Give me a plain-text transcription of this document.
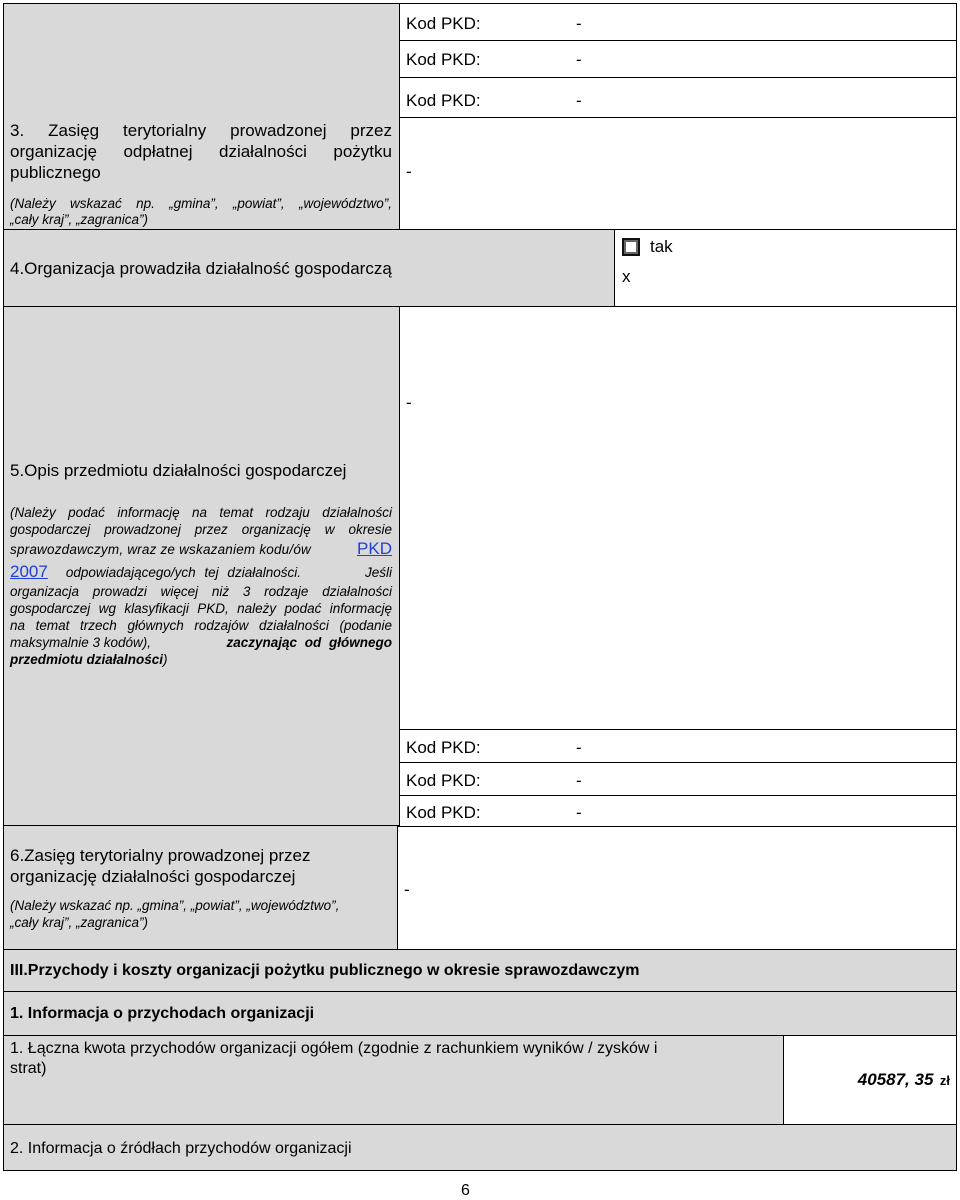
3. Zasięg terytorialny prowadzonej przez
organizację odpłatnej działalności pożytku
publicznego
(Należy wskazać np. „gmina”, „powiat”, „województwo”,
„cały kraj”, „zagranica”)
Kod PKD:	-
Kod PKD:	-
Kod PKD:	-
-
4.Organizacja prowadziła działalność gospodarczą
tak
x
5.Opis przedmiotu działalności gospodarczej
(Należy podać informację na temat rodzaju działalności
gospodarczej prowadzonej przez organizację w okresie
sprawozdawczym, wraz ze wskazaniem kodu/ów	PKD
2007 odpowiadającego/ych tej działalności.	Jeśli
organizacja prowadzi więcej niż 3 rodzaje działalności
gospodarczej wg klasyfikacji PKD, należy podać informację
na temat trzech głównych rodzajów działalności (podanie
maksymalnie 3 kodów),	zaczynając od głównego
przedmiotu działalności)
-
Kod PKD:	-
Kod PKD:	-
Kod PKD:	-
6.Zasięg terytorialny prowadzonej przez
organizację działalności gospodarczej
(Należy wskazać np. „gmina”, „powiat”, „województwo”,
„cały kraj”, „zagranica”)
-
III.Przychody i koszty organizacji pożytku publicznego w okresie sprawozdawczym
1. Informacja o przychodach organizacji
1. Łączna kwota przychodów organizacji ogółem (zgodnie z rachunkiem wyników / zysków i
strat)
40587, 35 zł
2. Informacja o źródłach przychodów organizacji
6
